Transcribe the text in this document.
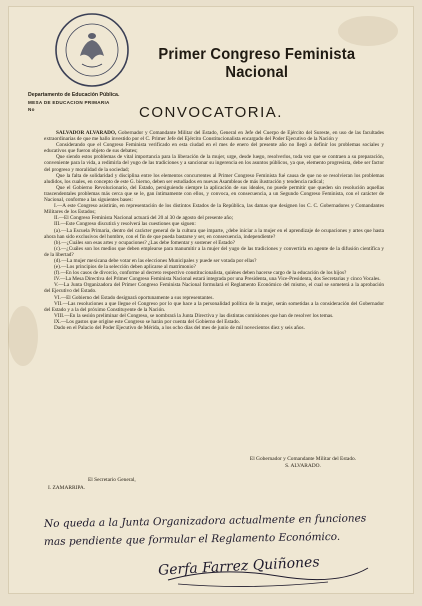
Primer Congreso Feminista Nacional
Departamento de Educación Pública.
MESA DE EDUCACION PRIMARIA
No	CONVOCATORIA.

SALVADOR ALVARADO, Gobernador y Comandante Militar del Estado, General en Jefe del Cuerpo de Ejército del Sureste, en uso de las facultades extraordinarias de que me hallo investido por el C. Primer Jefe del Ejército Constitucionalista encargado del Poder Ejecutivo de la Nación y

Considerando que el Congreso Feminista verificado en esta ciudad en el mes de enero del presente año no llegó a definir los problemas sociales y educativos que fueron objeto de sus debates;

Que siendo estos problemas de vital importancia para la liberación de la mujer, urge, desde luego, resolverlos, toda vez que se contraen a su preparación, conveniente para la vida, a redimirla del yugo de las tradiciones y a sancionar su ingerencia en los asuntos públicos, ya que, elemento progresista, debe ser factor del progreso y moralidad de la sociedad;

Que la falta de solidaridad y disciplina entre los elementos concurrentes al Primer Congreso Feminista fué causa de que no se resolvieran los problemas aludidos, los cuales, en concepto de este G. bierno, deben ser estudiados en nuevas Asambleas de más ilustración y tendencia radical;

Que el Gobierno Revolucionario, del Estado, persiguiendo siempre la aplicación de sus ideales, no puede permitir que queden sin resolución aquellas trascendentales problemas más cerca que se le, gan íntimamente con ellos, y convoca, en consecuencia, a un Segundo Congreso Feminista, con el carácter de Nacional, conforme a las siguientes bases:

I.—A este Congreso asistirán, en representación de los distintos Estados de la República, las damas que designen los C. C. Gobernadores y Comandantes Militares de los Estados;

II.—El Congreso Feminista Nacional actuará del 20 al 30 de agosto del presente año;

III.—Este Congreso discutirá y resolverá las cuestiones que siguen:

(a).—La Escuela Primaria, dentro del carácter general de la cultura que imparte, ¿debe iniciar a la mujer en el aprendizaje de ocupaciones y artes que hasta ahora han sido exclusivos del hombre, con el fin de que pueda bastarse y ser, en consecuencia, independiente?

(b).—¿Cuáles son esas artes y ocupaciones? ¿Las debe fomentar y sostener el Estado?

(c).—¿Cuáles son los medios que deben emplearse para manumitir a la mujer del yugo de las tradiciones y convertirla en agente de la difusión científica y de la libertad?

(d).—La mujer mexicana debe votar en las elecciones Municipales y puede ser votada por ellas?

(e).—Los principios de la selección deben aplicarse al matrimonio?

(f).—En los casos de divorcio, conforme al decreto respectivo constitucionalista, quiénes deben hacerse cargo de la educación de los hijos?

IV.—La Mesa Directiva del Primer Congreso Feminista Nacional estará integrada por una Presidenta, una Vice-Presidenta, dos Secretarias y cinco Vocales.

V.—La Junta Organizadora del Primer Congreso Feminista Nacional formulará el Reglamento Económico del mismo, el cual se someterá a la aprobación del Ejecutivo del Estado.

VI.—El Gobierno del Estado designará oportunamente a sus representantes.

VII.—Las resoluciones a que llegue el Congreso por lo que hace a la personalidad política de la mujer, serán sometidas a la consideración del Gobernador del Estado y a la del próximo Constituyente de la Nación.

VIII.—En la sesión preliminar del Congreso, se nombrará la Junta Directiva y las distintas comisiones que han de resolver los temas.

IX.—Los gastos que origine este Congreso se harán por cuenta del Gobierno del Estado.

Dado en el Palacio del Poder Ejecutivo de Mérida, a los ocho días del mes de junio de mil novecientos diez y seis años.

El Gobernador y Comandante Militar del Estado.
S. ALVARADO.
El Secretario General,
I. ZAMARRIPA.
No queda a la Junta Organizadora actualmente en funciones
mas pendiente que formular el Reglamento Económico.
Gerfa Farrez Quiñones
